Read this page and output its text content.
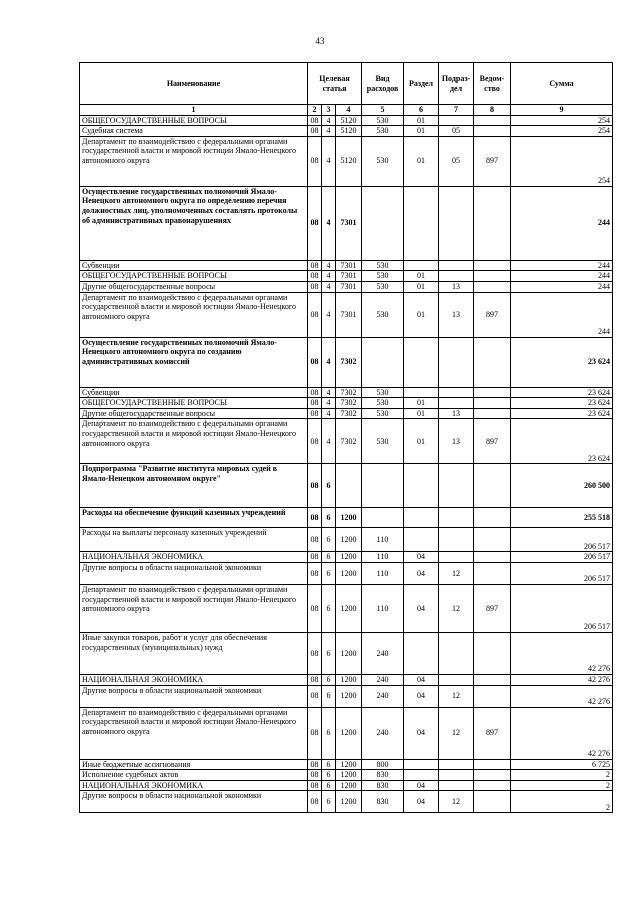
43
Наименование	Целевая статья			Вид расходов	Раздел	Подраз-дел	Ведом-ство	Сумма
1	2	3	4	5	6	7	8	9
ОБЩЕГОСУДАРСТВЕННЫЕ ВОПРОСЫ	08	4	5120	530	01			254
Судебная система	08	4	5120	530	01	05		254
Департамент по взаимодействию с федеральными органами государственной власти и мировой юстиции Ямало-Ненецкого автономного округа	08	4	5120	530	01	05	897	254
Осуществление государственных полномочий Ямало-Ненецкого автономного округа по определению перечня должностных лиц, уполномоченных составлять протоколы об административных правонарушениях	08	4	7301					244
Субвенции	08	4	7301	530				244
ОБЩЕГОСУДАРСТВЕННЫЕ ВОПРОСЫ	08	4	7301	530	01			244
Другие общегосударственные вопросы	08	4	7301	530	01	13		244
Департамент по взаимодействию с федеральными органами государственной власти и мировой юстиции Ямало-Ненецкого автономного округа	08	4	7301	530	01	13	897	244
Осуществление государственных полномочий Ямало-Ненецкого автономного округа по созданию административных комиссий	08	4	7302					23 624
Субвенции	08	4	7302	530				23 624
ОБЩЕГОСУДАРСТВЕННЫЕ ВОПРОСЫ	08	4	7302	530	01			23 624
Другие общегосударственные вопросы	08	4	7302	530	01	13		23 624
Департамент по взаимодействию с федеральными органами государственной власти и мировой юстиции Ямало-Ненецкого автономного округа	08	4	7302	530	01	13	897	23 624
Подпрограмма "Развитие института мировых судей в Ямало-Ненецком автономном округе"	08	6						260 500
Расходы на обеспечение функций казенных учреждений	08	6	1200					255 518
Расходы на выплаты персоналу казенных учреждений	08	6	1200	110				206 517
НАЦИОНАЛЬНАЯ ЭКОНОМИКА	08	6	1200	110	04			206 517
Другие вопросы в области национальной экономики	08	6	1200	110	04	12		206 517
Департамент по взаимодействию с федеральными органами государственной власти и мировой юстиции Ямало-Ненецкого автономного округа	08	6	1200	110	04	12	897	206 517
Иные закупки товаров, работ и услуг для обеспечения государственных (муниципальных) нужд	08	6	1200	240				42 276
НАЦИОНАЛЬНАЯ ЭКОНОМИКА	08	6	1200	240	04			42 276
Другие вопросы в области национальной экономики	08	6	1200	240	04	12		42 276
Департамент по взаимодействию с федеральными органами государственной власти и мировой юстиции Ямало-Ненецкого автономного округа	08	6	1200	240	04	12	897	42 276
Иные бюджетные ассигнования	08	6	1200	800				6 725
Исполнение судебных актов	08	6	1200	830				2
НАЦИОНАЛЬНАЯ ЭКОНОМИКА	08	6	1200	830	04			2
Другие вопросы в области национальной экономики	08	6	1200	830	04	12		2
